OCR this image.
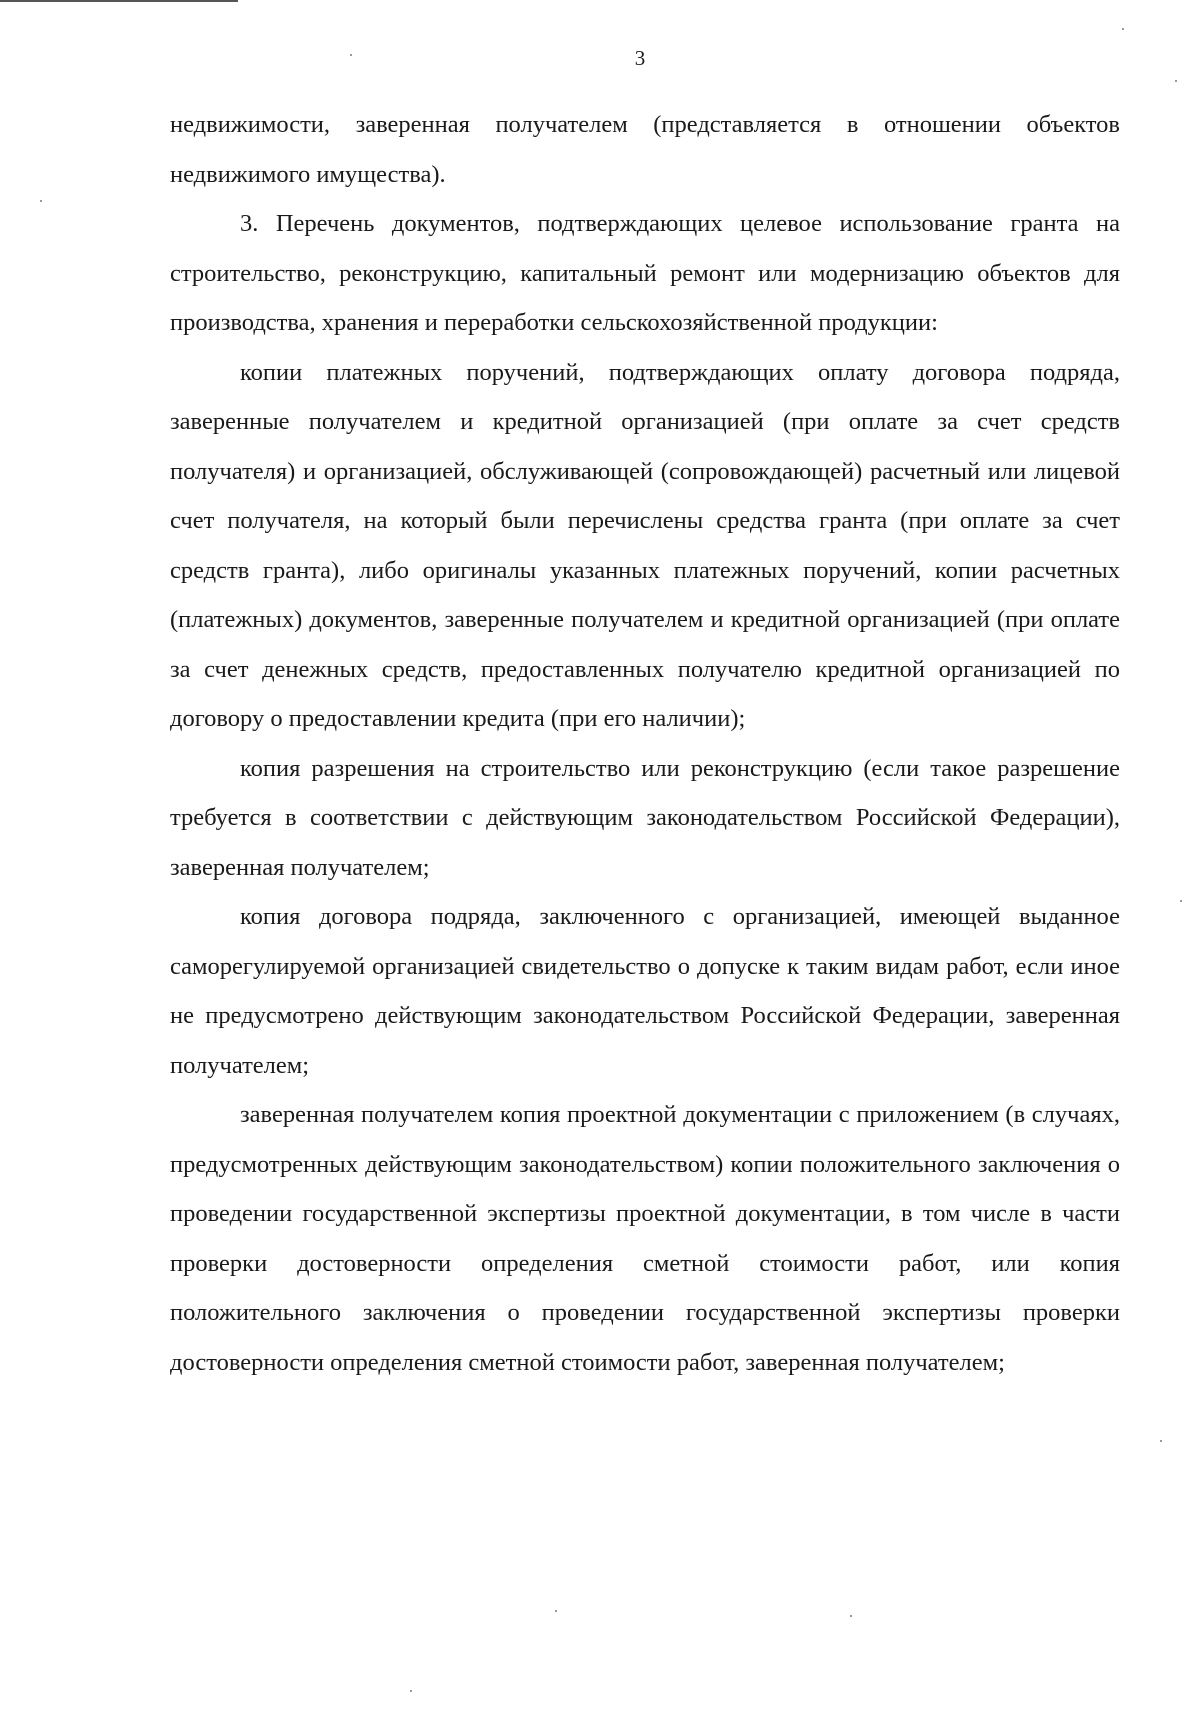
3

недвижимости, заверенная получателем (представляется в отношении объектов недвижимого имущества).

3. Перечень документов, подтверждающих целевое использование гранта на строительство, реконструкцию, капитальный ремонт или модернизацию объектов для производства, хранения и переработки сельскохозяйственной продукции:

копии платежных поручений, подтверждающих оплату договора подряда, заверенные получателем и кредитной организацией (при оплате за счет средств получателя) и организацией, обслуживающей (сопровождающей) расчетный или лицевой счет получателя, на который были перечислены средства гранта (при оплате за счет средств гранта), либо оригиналы указанных платежных поручений, копии расчетных (платежных) документов, заверенные получателем и кредитной организацией (при оплате за счет денежных средств, предоставленных получателю кредитной организацией по договору о предоставлении кредита (при его наличии);

копия разрешения на строительство или реконструкцию (если такое разрешение требуется в соответствии с действующим законодательством Российской Федерации), заверенная получателем;

копия договора подряда, заключенного с организацией, имеющей выданное саморегулируемой организацией свидетельство о допуске к таким видам работ, если иное не предусмотрено действующим законодательством Российской Федерации, заверенная получателем;

заверенная получателем копия проектной документации с приложением (в случаях, предусмотренных действующим законодательством) копии положительного заключения о проведении государственной экспертизы проектной документации, в том числе в части проверки достоверности определения сметной стоимости работ, или копия положительного заключения о проведении государственной экспертизы проверки достоверности определения сметной стоимости работ, заверенная получателем;
